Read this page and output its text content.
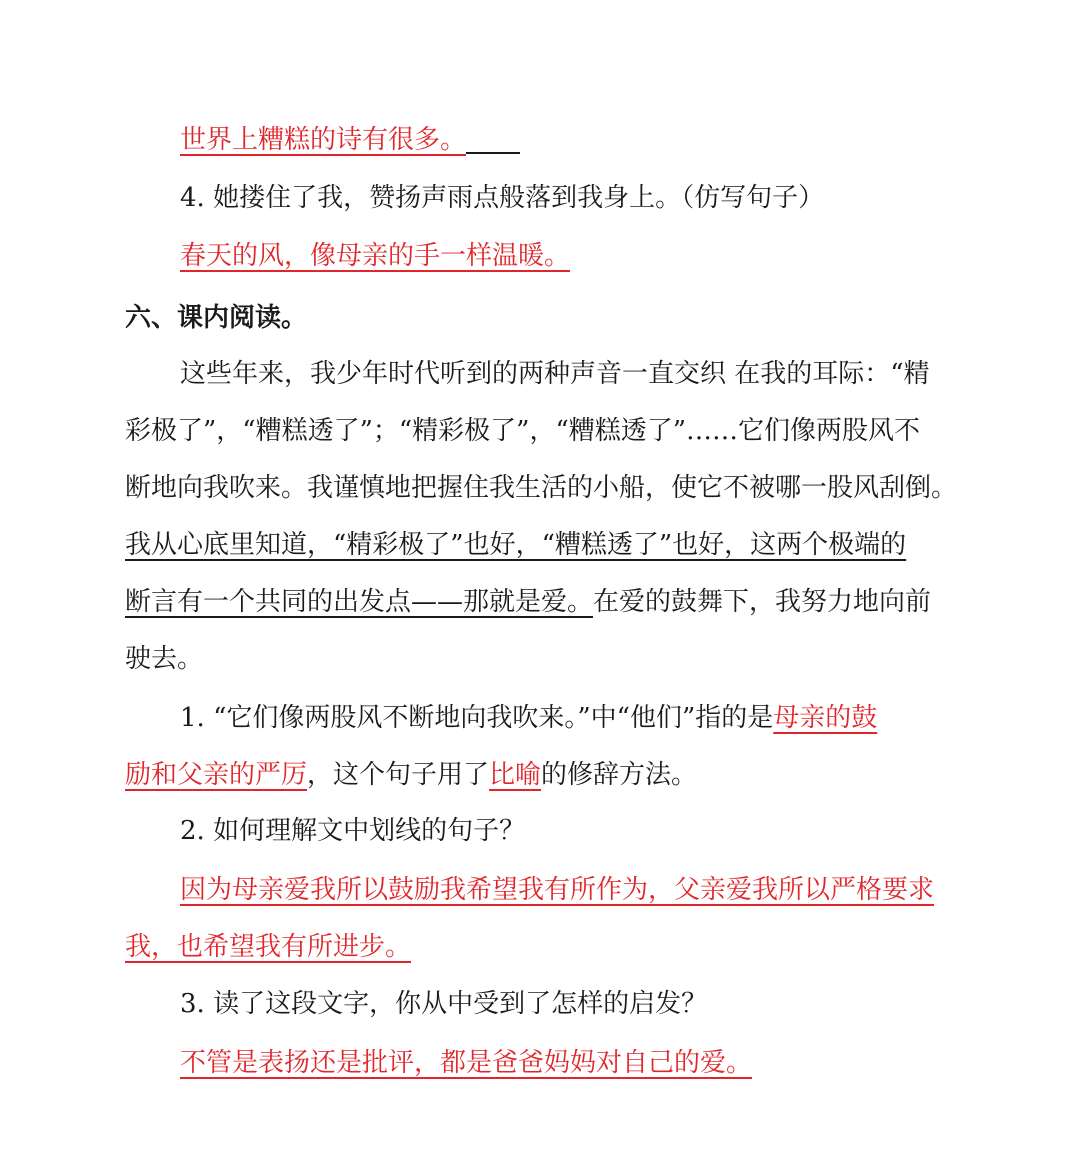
世界上糟糕的诗有很多。
4. 她搂住了我，赞扬声雨点般落到我身上。（仿写句子）
春天的风，像母亲的手一样温暖。
六、课内阅读。
这些年来，我少年时代听到的两种声音一直交织 在我的耳际：“精
彩极了”，“糟糕透了”；“精彩极了”，“糟糕透了”……它们像两股风不
断地向我吹来。我谨慎地把握住我生活的小船，使它不被哪一股风刮倒。
我从心底里知道，“精彩极了”也好，“糟糕透了”也好，这两个极端的
断言有一个共同的出发点——那就是爱。在爱的鼓舞下，我努力地向前
驶去。
1. “它们像两股风不断地向我吹来。”中“他们”指的是母亲的鼓
励和父亲的严厉，这个句子用了比喻的修辞方法。
2. 如何理解文中划线的句子？
因为母亲爱我所以鼓励我希望我有所作为，父亲爱我所以严格要求
我，也希望我有所进步。
3. 读了这段文字，你从中受到了怎样的启发？
不管是表扬还是批评，都是爸爸妈妈对自己的爱。
